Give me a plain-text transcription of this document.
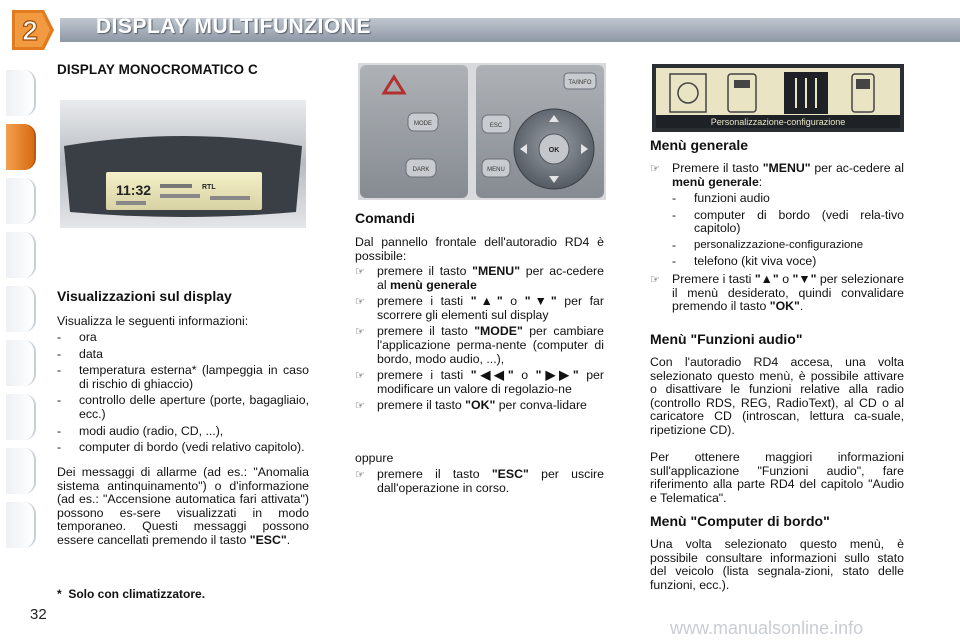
2	DISPLAY MULTIFUNZIONE
32
DISPLAY MONOCROMATICO C
11:32	RTL
Visualizzazioni sul display
Visualizza le seguenti informazioni:
-	ora
-	data
-	temperatura esterna* (lampeggia in caso di rischio di ghiaccio)
-	controllo delle aperture (porte, bagagliaio, ecc.)
-	modi audio (radio, CD, ...),
-	computer di bordo (vedi relativo capitolo).
Dei messaggi di allarme (ad es.: "Anomalia sistema antinquinamento") o d'informazione (ad es.: "Accensione automatica fari attivata") possono es-sere visualizzati in modo temporaneo. Questi messaggi possono essere cancellati premendo il tasto "ESC".
* Solo con climatizzatore.
MODE
DARK
ESC
MENU
OK
TA/INFO
Comandi
Dal pannello frontale dell'autoradio RD4 è possibile:
☞ premere il tasto "MENU" per ac-cedere al menù generale
☞ premere i tasti "▲" o "▼" per far scorrere gli elementi sul display
☞ premere il tasto "MODE" per cambiare l'applicazione perma-nente (computer di bordo, modo audio, ...),
☞ premere i tasti "◀◀" o "▶▶" per modificare un valore di regolazio-ne
☞ premere il tasto "OK" per conva-lidare
oppure
☞ premere il tasto "ESC" per uscire dall'operazione in corso.
Personalizzazione-configurazione
Menù generale
☞ Premere il tasto "MENU" per ac-cedere al menù generale:
-	funzioni audio
-	computer di bordo (vedi rela-tivo capitolo)
-	personalizzazione-configurazione
-	telefono (kit viva voce)
☞ Premere i tasti "▲" o "▼" per selezionare il menù desiderato, quindi convalidare premendo il tasto "OK".
Menù "Funzioni audio"
Con l'autoradio RD4 accesa, una volta selezionato questo menù, è possibile attivare o disattivare le funzioni relative alla radio (controllo RDS, REG, RadioText), al CD o al caricatore CD (introscan, lettura ca-suale, ripetizione CD).
Per ottenere maggiori informazioni sull'applicazione "Funzioni audio", fare riferimento alla parte RD4 del capitolo "Audio e Telematica".
Menù "Computer di bordo"
Una volta selezionato questo menù, è possibile consultare informazioni sullo stato del veicolo (lista segnala-zioni, stato delle funzioni, ecc.).
www.manualsonline.info
